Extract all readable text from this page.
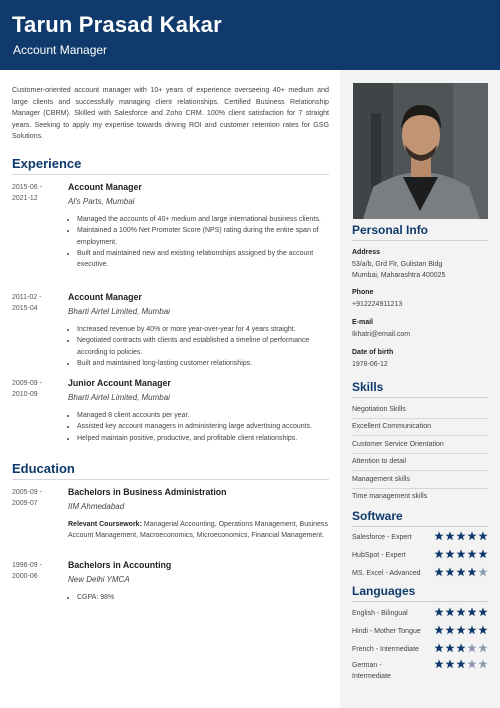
Tarun Prasad Kakar
Account Manager
Customer-oriented account manager with 10+ years of experience overseeing 40+ medium and large clients and successfully managing client relationships. Certified Business Relationship Manager (CBRM). Skilled with Salesforce and Zoho CRM. 100% client satisfaction for 7 straight years. Seeking to apply my expertise towards driving ROI and customer retention rates for GSG Solutions.
Experience
2015-06 - 2021-12
Account Manager
Al's Parts, Mumbai
• Managed the accounts of 40+ medium and large international business clients.
• Maintained a 100% Net Promoter Score (NPS) rating during the entire span of employment.
• Built and maintained new and existing relationships assigned by the account executive.
2011-02 - 2015-04
Account Manager
Bharti Airtel Limited, Mumbai
• Increased revenue by 40% or more year-over-year for 4 years straight.
• Negotiated contracts with clients and established a timeline of performance according to policies.
• Built and maintained long-lasting customer relationships.
2009-09 - 2010-09
Junior Account Manager
Bharti Airtel Limited, Mumbai
• Managed 8 client accounts per year.
• Assisted key account managers in administering large advertising accounts.
• Helped maintain positive, productive, and profitable client relationships.
Education
2005-09 - 2009-07
Bachelors in Business Administration
IIM Ahmedabad
Relevant Coursework: Managerial Accounting, Operations Management, Business Account Management, Macroeconomics, Microeconomics, Financial Management.
1996-09 - 2000-06
Bachelors in Accounting
New Delhi YMCA
• CGPA: 98%
Personal Info
Address
53/a/b, Grd Flr, Gulistan Bldg Mumbai, Maharashtra 400025
Phone
+912224911213
E-mail
Ikhatri@email.com
Date of birth
1978-06-12
Skills
Negotiation Skills
Excellent Communication
Customer Service Orientation
Attention to detail
Management skills
Time management skills
Software
Salesforce - Expert
HubSpot - Expert
MS. Excel - Advanced
Languages
English - Bilingual
Hindi - Mother Tongue
French - Intermediate
German - Intermediate
